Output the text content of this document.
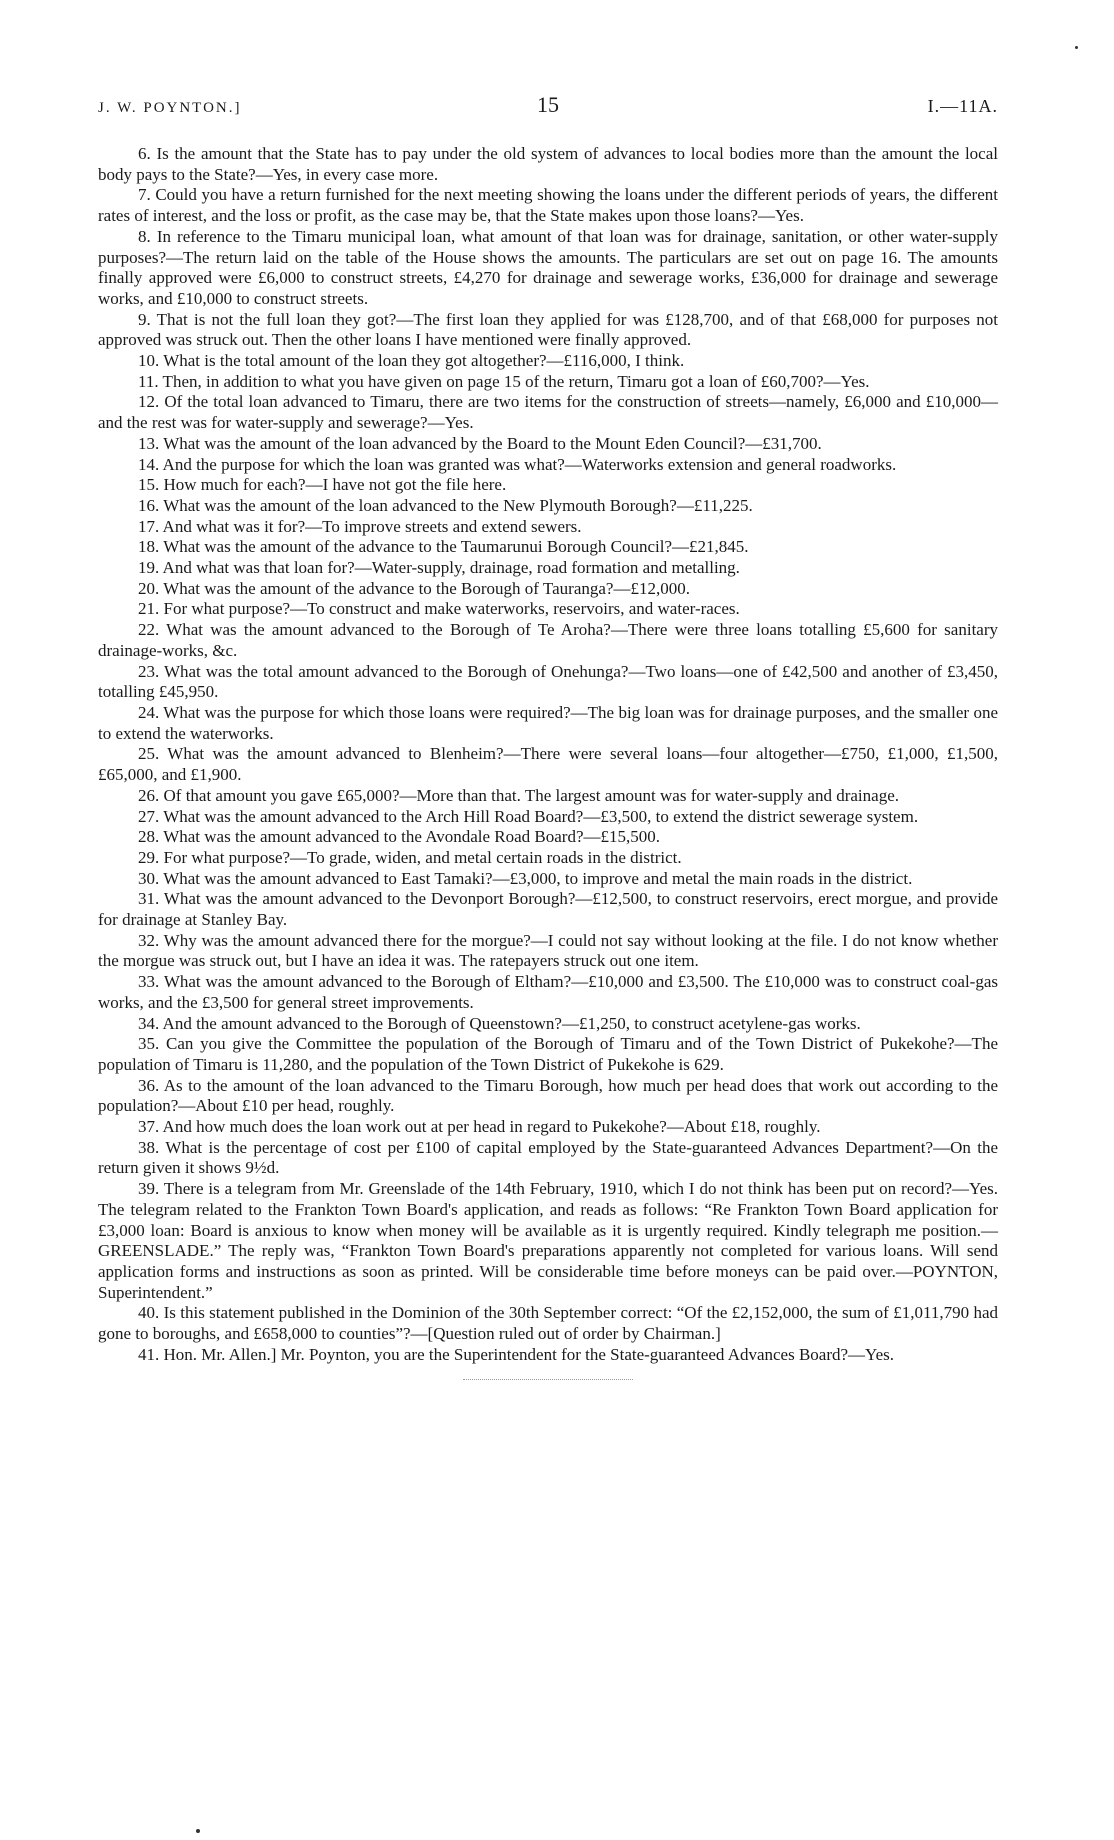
J. W. POYNTON.]	15	I.—11A.

6. Is the amount that the State has to pay under the old system of advances to local bodies more than the amount the local body pays to the State?—Yes, in every case more.

7. Could you have a return furnished for the next meeting showing the loans under the different periods of years, the different rates of interest, and the loss or profit, as the case may be, that the State makes upon those loans?—Yes.

8. In reference to the Timaru municipal loan, what amount of that loan was for drainage, sanitation, or other water-supply purposes?—The return laid on the table of the House shows the amounts. The particulars are set out on page 16. The amounts finally approved were £6,000 to construct streets, £4,270 for drainage and sewerage works, £36,000 for drainage and sewerage works, and £10,000 to construct streets.

9. That is not the full loan they got?—The first loan they applied for was £128,700, and of that £68,000 for purposes not approved was struck out. Then the other loans I have mentioned were finally approved.

10. What is the total amount of the loan they got altogether?—£116,000, I think.

11. Then, in addition to what you have given on page 15 of the return, Timaru got a loan of £60,700?—Yes.

12. Of the total loan advanced to Timaru, there are two items for the construction of streets—namely, £6,000 and £10,000—and the rest was for water-supply and sewerage?—Yes.

13. What was the amount of the loan advanced by the Board to the Mount Eden Council?—£31,700.

14. And the purpose for which the loan was granted was what?—Waterworks extension and general roadworks.

15. How much for each?—I have not got the file here.

16. What was the amount of the loan advanced to the New Plymouth Borough?—£11,225.

17. And what was it for?—To improve streets and extend sewers.

18. What was the amount of the advance to the Taumarunui Borough Council?—£21,845.

19. And what was that loan for?—Water-supply, drainage, road formation and metalling.

20. What was the amount of the advance to the Borough of Tauranga?—£12,000.

21. For what purpose?—To construct and make waterworks, reservoirs, and water-races.

22. What was the amount advanced to the Borough of Te Aroha?—There were three loans totalling £5,600 for sanitary drainage-works, &c.

23. What was the total amount advanced to the Borough of Onehunga?—Two loans—one of £42,500 and another of £3,450, totalling £45,950.

24. What was the purpose for which those loans were required?—The big loan was for drainage purposes, and the smaller one to extend the waterworks.

25. What was the amount advanced to Blenheim?—There were several loans—four altogether—£750, £1,000, £1,500, £65,000, and £1,900.

26. Of that amount you gave £65,000?—More than that. The largest amount was for water-supply and drainage.

27. What was the amount advanced to the Arch Hill Road Board?—£3,500, to extend the district sewerage system.

28. What was the amount advanced to the Avondale Road Board?—£15,500.

29. For what purpose?—To grade, widen, and metal certain roads in the district.

30. What was the amount advanced to East Tamaki?—£3,000, to improve and metal the main roads in the district.

31. What was the amount advanced to the Devonport Borough?—£12,500, to construct reservoirs, erect morgue, and provide for drainage at Stanley Bay.

32. Why was the amount advanced there for the morgue?—I could not say without looking at the file. I do not know whether the morgue was struck out, but I have an idea it was. The ratepayers struck out one item.

33. What was the amount advanced to the Borough of Eltham?—£10,000 and £3,500. The £10,000 was to construct coal-gas works, and the £3,500 for general street improvements.

34. And the amount advanced to the Borough of Queenstown?—£1,250, to construct acetylene-gas works.

35. Can you give the Committee the population of the Borough of Timaru and of the Town District of Pukekohe?—The population of Timaru is 11,280, and the population of the Town District of Pukekohe is 629.

36. As to the amount of the loan advanced to the Timaru Borough, how much per head does that work out according to the population?—About £10 per head, roughly.

37. And how much does the loan work out at per head in regard to Pukekohe?—About £18, roughly.

38. What is the percentage of cost per £100 of capital employed by the State-guaranteed Advances Department?—On the return given it shows 9½d.

39. There is a telegram from Mr. Greenslade of the 14th February, 1910, which I do not think has been put on record?—Yes. The telegram related to the Frankton Town Board's application, and reads as follows: “Re Frankton Town Board application for £3,000 loan: Board is anxious to know when money will be available as it is urgently required. Kindly telegraph me position.—GREENSLADE.” The reply was, “Frankton Town Board's preparations apparently not completed for various loans. Will send application forms and instructions as soon as printed. Will be considerable time before moneys can be paid over.—POYNTON, Superintendent.”

40. Is this statement published in the Dominion of the 30th September correct: “Of the £2,152,000, the sum of £1,011,790 had gone to boroughs, and £658,000 to counties”?—[Question ruled out of order by Chairman.]

41. Hon. Mr. Allen.] Mr. Poynton, you are the Superintendent for the State-guaranteed Advances Board?—Yes.
